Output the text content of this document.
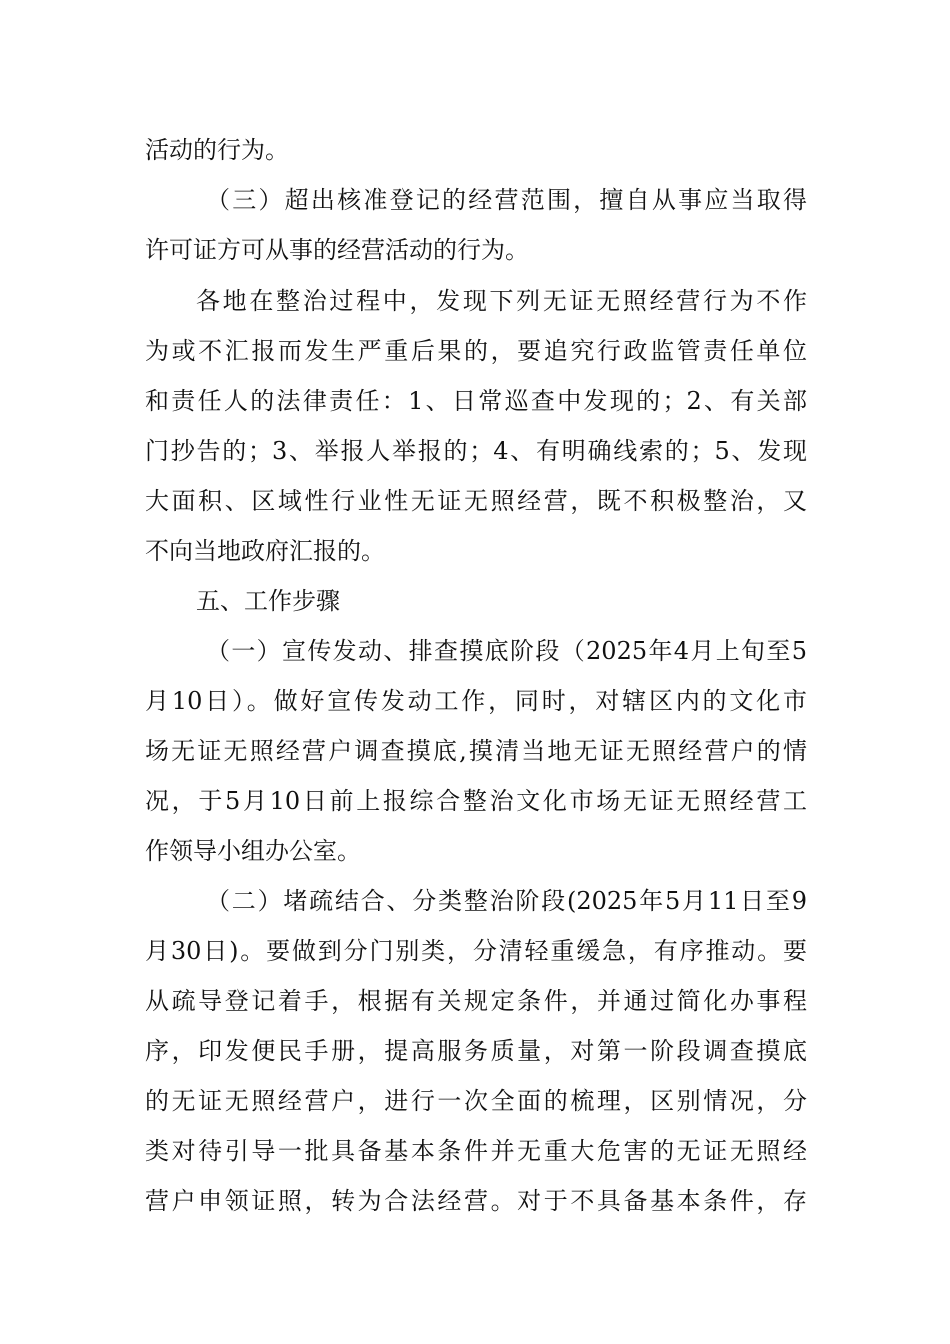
活动的行为。
（三）超出核准登记的经营范围，擅自从事应当取得
许可证方可从事的经营活动的行为。
各地在整治过程中，发现下列无证无照经营行为不作
为或不汇报而发生严重后果的，要追究行政监管责任单位
和责任人的法律责任：1、日常巡查中发现的；2、有关部
门抄告的；3、举报人举报的；4、有明确线索的；5、发现
大面积、区域性行业性无证无照经营，既不积极整治，又
不向当地政府汇报的。
五、工作步骤
（一）宣传发动、排查摸底阶段（2025年4月上旬至5
月10日）。做好宣传发动工作，同时，对辖区内的文化市
场无证无照经营户调查摸底,摸清当地无证无照经营户的情
况，于5月10日前上报综合整治文化市场无证无照经营工
作领导小组办公室。
（二）堵疏结合、分类整治阶段(2025年5月11日至9
月30日)。要做到分门别类，分清轻重缓急，有序推动。要
从疏导登记着手，根据有关规定条件，并通过简化办事程
序，印发便民手册，提高服务质量，对第一阶段调查摸底
的无证无照经营户，进行一次全面的梳理，区别情况，分
类对待引导一批具备基本条件并无重大危害的无证无照经
营户申领证照，转为合法经营。对于不具备基本条件，存
